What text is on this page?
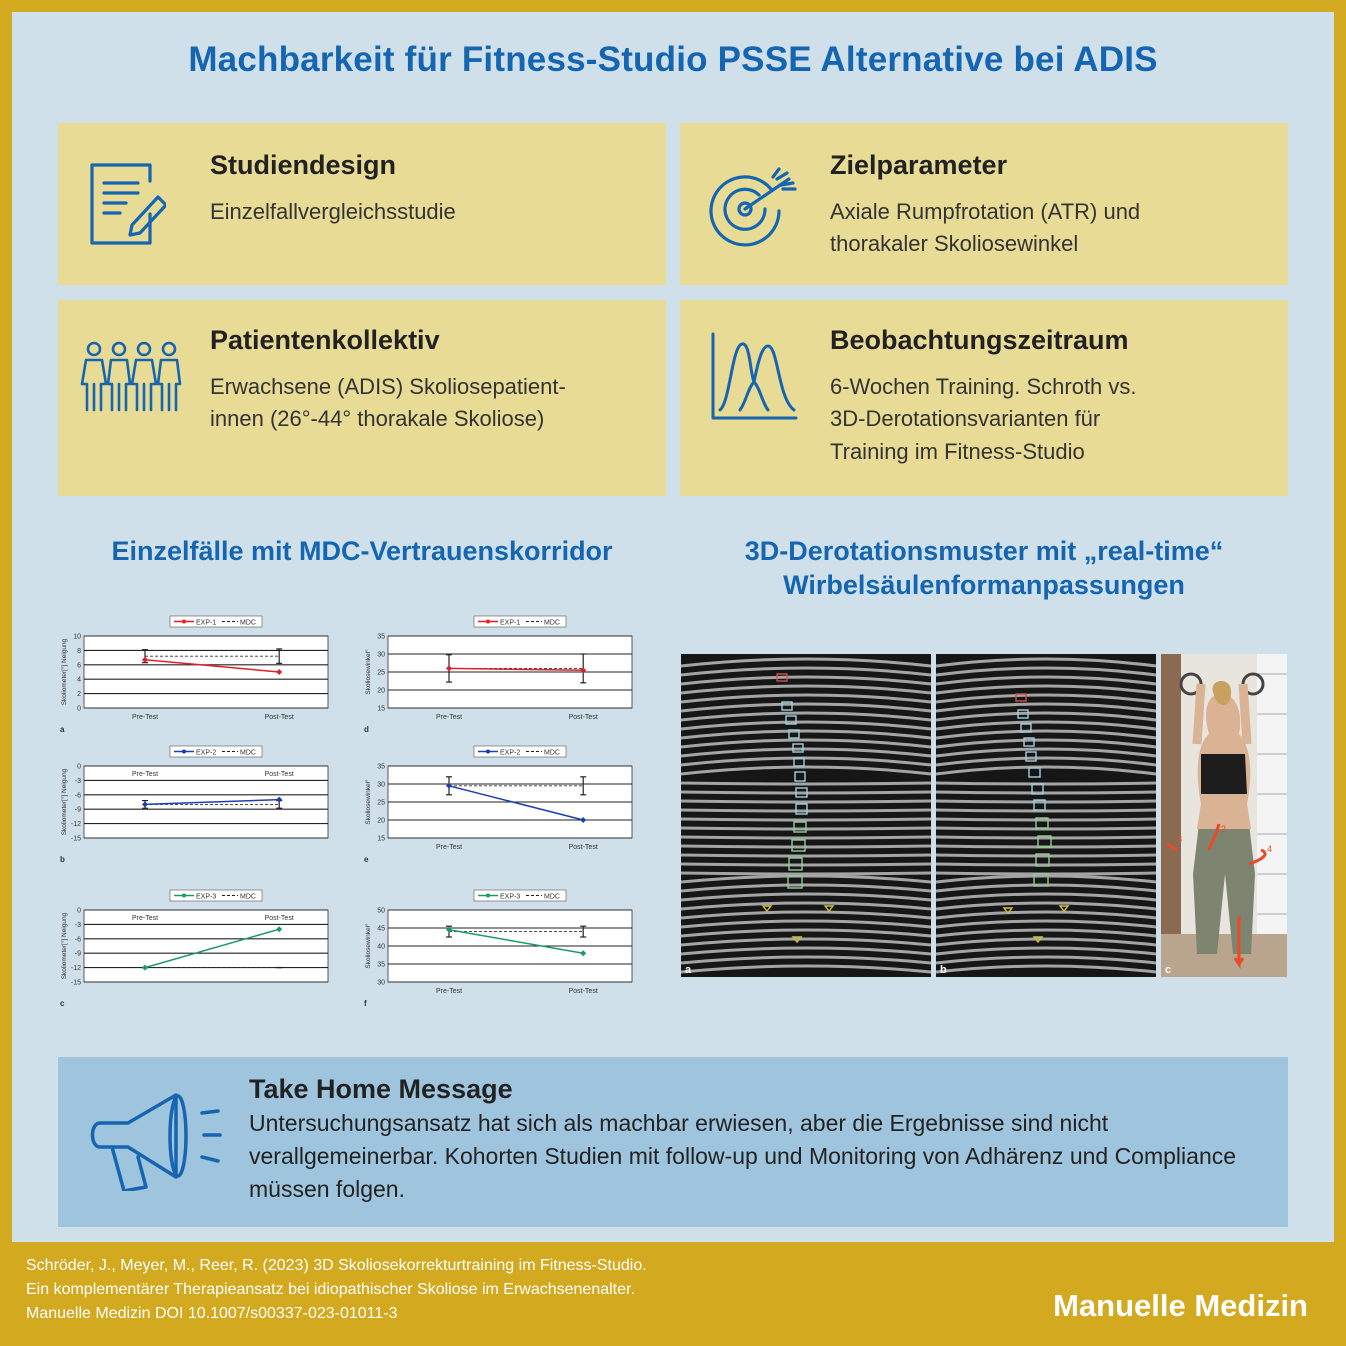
Machbarkeit für Fitness-Studio PSSE Alternative bei ADIS
Studiendesign

Einzelfallvergleichsstudie

Zielparameter

Axiale Rumpfrotation (ATR) und

thorakaler Skoliosewinkel

Patientenkollektiv

Erwachsene (ADIS) Skoliosepatient-

innen (26°-44° thorakale Skoliose)

Beobachtungszeitraum

6-Wochen Training. Schroth vs.

3D-Derotationsvarianten für

Training im Fitness-Studio

Einzelfälle mit MDC-Vertrauenskorridor	3D-Derotationsmuster mit „real-time“
Wirbelsäulenformanpassungen
EXP-1	MDC
0
2
4
6
8
10
Skoliometer[°] Neigung
Pre-Test	Post-Test
a
EXP-1	MDC
15
20
25
30
35
Skoliosewinkel°
Pre-Test	Post-Test
d
EXP-2	MDC
0
-3
-6
-9
-12
-15
Skoliometer[°] Neigung	Pre-Test	Post-Test
b
EXP-2	MDC
15
20
25
30
35
Skoliosewinkel°
Pre-Test	Post-Test
e
EXP-3	MDC
0
-3
-6
-9
-12
-15
Skoliometer[°] Neigung	Pre-Test	Post-Test
c
EXP-3	MDC
30
35
40
45
50
Skoliosewinkel°
Pre-Test	Post-Test
f
a	b
3
2
4
c
Take Home Message

Untersuchungsansatz hat sich als machbar erwiesen, aber die Ergebnisse sind nicht verallgemeinerbar. Kohorten Studien mit follow-up und Monitoring von Adhärenz und Compliance müssen folgen.

Schröder, J., Meyer, M., Reer, R. (2023) 3D Skoliosekorrekturtraining im Fitness-Studio.
Ein komplementärer Therapieansatz bei idiopathischer Skoliose im Erwachsenenalter.
Manuelle Medizin DOI 10.1007/s00337-023-01011-3	Manuelle Medizin
